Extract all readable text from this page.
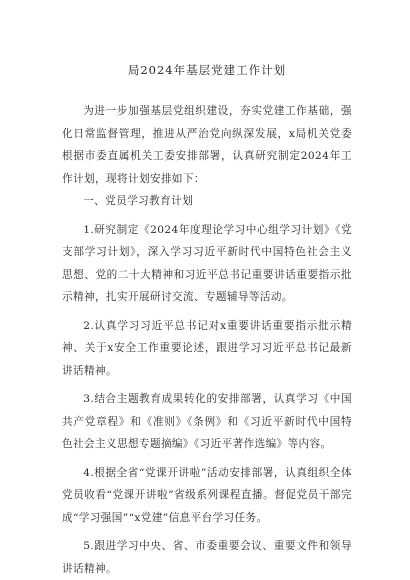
局2024年基层党建工作计划

为进一步加强基层党组织建设，夯实党建工作基础，强化日常监督管理，推进从严治党向纵深发展，x局机关党委根据市委直属机关工委安排部署，认真研究制定2024年工作计划，现将计划安排如下：

一、党员学习教育计划

1.研究制定《2024年度理论学习中心组学习计划》《党支部学习计划》，深入学习习近平新时代中国特色社会主义思想、党的二十大精神和习近平总书记重要讲话重要指示批示精神，扎实开展研讨交流、专题辅导等活动。

2.认真学习习近平总书记对x重要讲话重要指示批示精神、关于x安全工作重要论述，跟进学习习近平总书记最新讲话精神。

3.结合主题教育成果转化的安排部署，认真学习《中国共产党章程》和《准则》《条例》和《习近平新时代中国特色社会主义思想专题摘编》《习近平著作选编》等内容。

4.根据全省“党课开讲啦”活动安排部署，认真组织全体党员收看“党课开讲啦”省级系列课程直播。督促党员干部完成“学习强国”“x党建”信息平台学习任务。

5.跟进学习中央、省、市委重要会议、重要文件和领导讲话精神。
